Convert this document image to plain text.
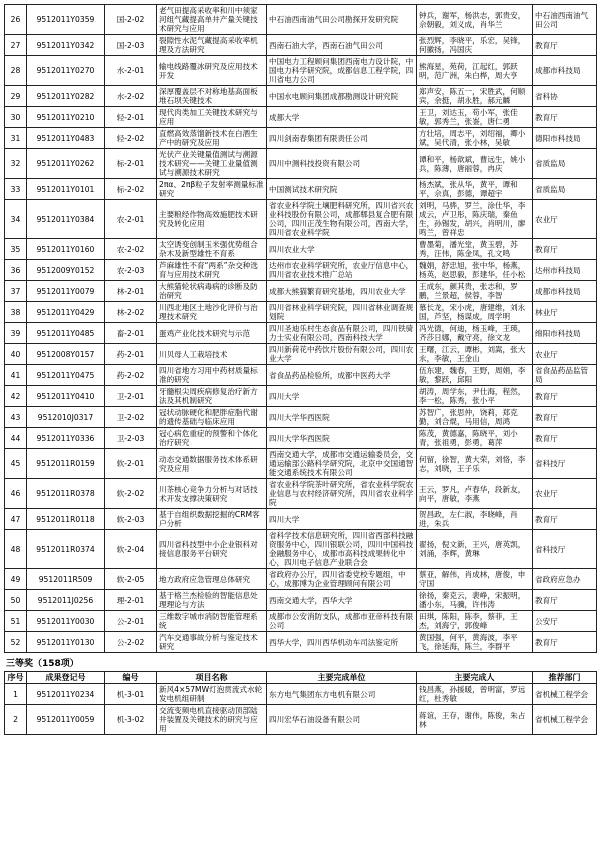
26	9512011Y0359	国-2-02	老气田提高采收率和川中须家河组气藏提高单井产量关键技术研究与应用	中石油西南油气田公司勘探开发研究院	钟兵，谢军，杨洪志，郭贵安，佘朝毅，刘义成，肖华兰	中石油西南油气田公司
27	9512011Y0342	国-2-03	裂隙性水泥气藏提高采收率机理及方法研究	西南石油大学，西南石油气田公司	张烈辉，李晓平，乐宏，吴锋，何徽扬，冯国庆	教育厅
28	9512011Y0270	水-2-01	输电线路覆冰研究及应用技术开发	中国电力工程顾问集团西南电力设计院，中国电力科学研究院，成都信息工程学院，四川省电力公司	熊海星，苑荷，江起红，郭跃明，范广洲，朱白桦，周大亨	成都市科技局
29	9512011Y0282	水-2-02	深厚覆盖层不对称地基高面板堆石坝关键技术	中国水电顾问集团成都勘测设计研究院	郑声安，陈五一，宋胜武，何顺宾，余挺，胡永胜，郝元麟	省科协
30	9512011Y0210	轻-2-01	现代肉类加工关键技术研究与应用	成都大学	王卫，刘达玉，苟小军，张佳敏，郭秀兰，张崟，唐仁勇	教育厅
31	9512011Y0483	轻-2-02	直燃高效蒸馏新技术在白酒生产中的研究及应用	四川剑南春集团有限责任公司	方壮培，周志平，刘绍福，卿小斌，吴代清，张小林，吴敏	德阳市科技局
32	9512011Y0262	标-2-01	光伏产业关键量值测试与溯源技术研究——关键工业量值测试与溯源技术研究	四川中测科技投资有限公司	谭和平，杨歆斌，曹远生，姚小兵，陈薄，唐丽蓉，冉庆	省质监局
33	9512011Y0101	标-2-02	2πα、2πβ粒子发射率测量标准研究	中国测试技术研究院	杨杰斌，张从华，黄平，谭和平，佘真，彭德，谭超宇	省质监局
34	9512011Y0384	农-2-01	主要粮经作物高效施肥技术研究及转化应用	省农业科学院土壤肥料研究所，四川省兴农业科技股份有限公司，成都郫县复合肥有限公司，四川正茂生物有限公司，西南大学，四川省农业科学院	刘明，马骅，罗兰，涂仕华，李成云，卢卫彤，陈庆瑞，秦鱼生，孙锡发，胡兴，肖明川，廖鸣兰，曾祥忠	农业厅
35	9512011Y0160	农-2-02	太空诱变创制玉米强优势组合杂木及新型雄性不育系	四川农业大学	曹墨菊，潘光堂，黄玉碧，苏秀，汪伟，陈金凤，孔文鸣	教育厅
36	9512009Y0152	农-2-03	芦麻雄性不育“两系”杂交种选育与应用技术研究	达州市农业科学研究所，农业厅信息中心，四川省农业技术推广总站	魏娟，舒忠旭，张中华，杨燕，杨英，赵思毅，彭建华，任小松	达州市科技局
37	9512011Y0079	林-2-01	大熊猫轮状病毒病的诊断及防治研究	成都大熊猫繁育研究基地，四川农业大学	王成东，颜其贵，张志和，罗鹏，兰景超，侯蓉，李智	成都市科技局
38	9512011Y0429	林-2-02	川西北地区土地沙化评价与治理技术研究	四川省林业科学研究院，四川省林业调查规划院	慕长龙，宋小虎，唐建维，刘永国，芦坚，杨谋成，周学明	林业厅
39	9512011Y0485	畜-2-01	蛋鸡产业化技术研究与示范	四川圣迪乐村生态食品有限公司，四川铁骑力士实业有限公司，西南科技大学	冯光德，何迪，杨玉峰，王瑛，齐莎日娜，戴守亮，徐文龙	绵阳市科技局
40	9512008Y0157	药-2-01	川贝母人工栽培技术	四川新荷花中药饮片股份有限公司，四川农业大学	王曙，江云，谭彬，刘嵩，张大永，李敏，王金山	农业厅
41	9512011Y0475	药-2-02	四川省地方习用中药材质量标准的研究	省食品药品检验所，成都中医药大学	伍东建，魏春，王野，周娟，李敏，黎跃，邱阳	省食品药品监管局
42	9512011Y0410	卫-2-01	牙髓根尖周疾病修复治疗新方法及其机制研究	四川大学	胡涛，周学东，尹仕海，程然，李一松，陈秀，张小平	教育厅
43	9512010J0317	卫-2-02	冠状动脉硬化和肥胖症脂代谢的遗传基础与临床应用	四川大学华西医院	苏智广，张思仲，饶莉，郑克勤，刘合焜，马用信，周鸿	教育厅
44	9512011Y0336	卫-2-03	冠心病危重症的预警和个体化治疗研究	四川大学华西医院	陈茂，黄德嘉，陈晓平，刘小青，张祖勇，彭勇，葛萍	教育厅
45	9512011R0159	软-2-01	动态交通数据服务技术体系研究及应用	西南交通大学，成都市交通运输委员会，交通运输部公路科学研究院，北京中交国通智能交通系统技术有限公司	何留，徐智，黄大荣，刘恪，李志，刘晓，王子乐	省科技厅
46	9512011R0378	软-2-02	川茶核心竞争力分析与对话技术开发支撑决策研究	省农业科学院茶叶研究所，省农业科学院农业信息与农村经济研究所，四川省农业科学院	王云，罗凡，卢春华，段新友，向平，唐敏，李燕	农业厅
47	9512011R0118	软-2-03	基于自组织数据挖掘的CRM客户分析	四川大学	贺昌政，左仁淑，李晓峰，肖进，朱兵	教育厅
48	9512011R0374	软-2-04	四川省科技型中小企业银科对接信息服务平台研究	省科学技术信息研究所，四川省西部科技融资服务中心，四川银联公司，四川中国科技金融服务中心，成都市高科技成果转化中心，四川电子信息产业联合会	翟扬，倪文新，王兴，唐英凯，刘涌，李辉，黄琳	省科技厅
49	9512011R509	软-2-05	地方政府应急管理总体研究	省政府办公厅，四川省委党校专题组，中心，成都博为企业管理顾问有限公司	蔡亚，解伟，肖成林，唐俊，申守国	省政府应急办
50	9512011J0256	理-2-01	基于格兰杰检验的智能信息处理理论与方法	西南交通大学，西华大学	徐扬，秦克云，裴峥，宋振明，潘小东，马骥，许伟涛	教育厅
51	9512011Y0030	公-2-01	三维数字城市消防智能管理系统	成都市公安消防支队，成都市亚帝科技有限公司	田琪，陈阳，陈李，蔡菲，王杰，刘海宁，郭俊峰	公安厅
52	9512011Y0130	公-2-02	汽车交通事故分析与鉴定技术研究	西华大学，四川西华机动车司法鉴定所	黄国强，何平，黄海波，李平飞，徐延海，陈兰，李群平	教育厅
三等奖（158项）
序号	成果登记号	编号	项目名称	主要完成单位	主要完成人	推荐部门
1	9512011Y0234	机-3-01	新风4×57MW灯泡贯流式水轮发电机组研制	东方电气集团东方电机有限公司	钱昌燕，孙援暖，曾明富，罗远红，杜秀敏	省机械工程学会
2	9512011Y0059	机-3-02	交流变频电机直接驱动顶部陆井装置及关键技术的研究与应用	四川宏华石油设备有限公司	蒋谊，王存，谢伟，陈俊，朱占林	省机械工程学会
